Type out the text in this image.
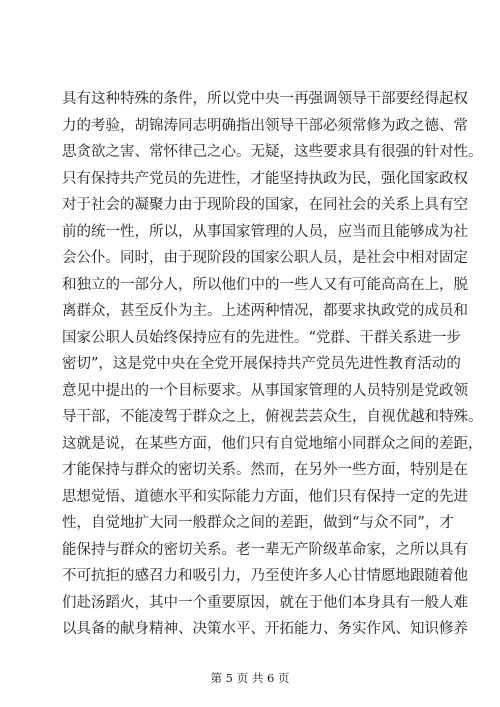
具有这种特殊的条件，所以党中央一再强调领导干部要经得起权
力的考验，胡锦涛同志明确指出领导干部必须常修为政之德、常
思贪欲之害、常怀律己之心。无疑，这些要求具有很强的针对性。
只有保持共产党员的先进性，才能坚持执政为民，强化国家政权
对于社会的凝聚力由于现阶段的国家，在同社会的关系上具有空
前的统一性，所以，从事国家管理的人员，应当而且能够成为社
会公仆。同时，由于现阶段的国家公职人员，是社会中相对固定
和独立的一部分人，所以他们中的一些人又有可能高高在上，脱
离群众，甚至反仆为主。上述两种情况，都要求执政党的成员和
国家公职人员始终保持应有的先进性。“党群、干群关系进一步
密切”，这是党中央在全党开展保持共产党员先进性教育活动的
意见中提出的一个目标要求。从事国家管理的人员特别是党政领
导干部，不能凌驾于群众之上，俯视芸芸众生，自视优越和特殊。
这就是说，在某些方面，他们只有自觉地缩小同群众之间的差距，
才能保持与群众的密切关系。然而，在另外一些方面，特别是在
思想觉悟、道德水平和实际能力方面，他们只有保持一定的先进
性，自觉地扩大同一般群众之间的差距，做到“与众不同”，才
能保持与群众的密切关系。老一辈无产阶级革命家，之所以具有
不可抗拒的感召力和吸引力，乃至使许多人心甘情愿地跟随着他
们赴汤蹈火，其中一个重要原因，就在于他们本身具有一般人难
以具备的献身精神、决策水平、开拓能力、务实作风、知识修养
第 5 页 共 6 页
